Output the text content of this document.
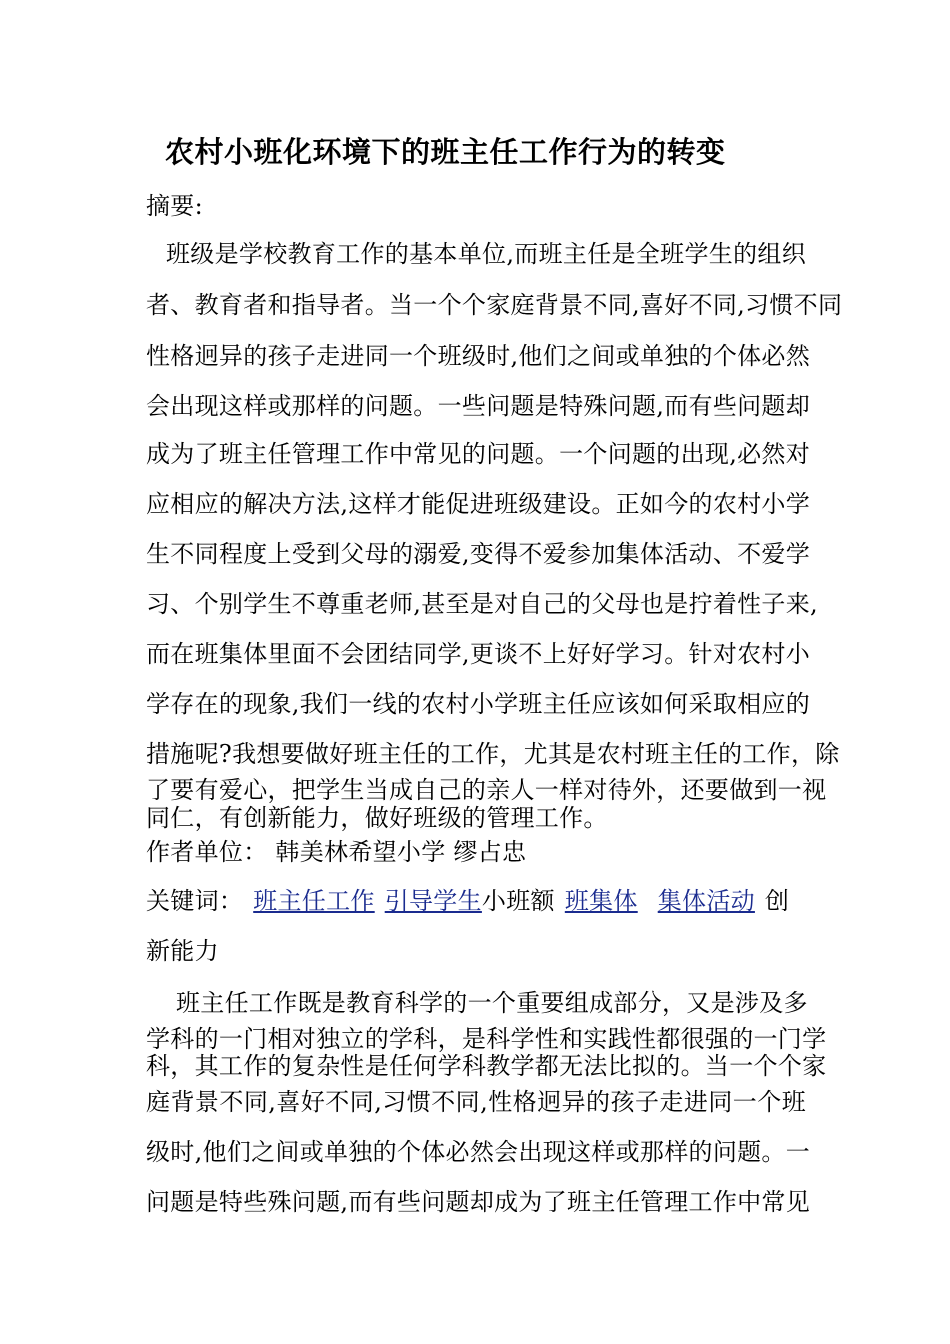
农村小班化环境下的班主任工作行为的转变
摘要:
班级是学校教育工作的基本单位,而班主任是全班学生的组织
者、教育者和指导者。当一个个家庭背景不同,喜好不同,习惯不同
性格迥异的孩子走进同一个班级时,他们之间或单独的个体必然
会出现这样或那样的问题。一些问题是特殊问题,而有些问题却
成为了班主任管理工作中常见的问题。一个问题的出现,必然对
应相应的解决方法,这样才能促进班级建设。正如今的农村小学
生不同程度上受到父母的溺爱,变得不爱参加集体活动、不爱学
习、个别学生不尊重老师,甚至是对自己的父母也是拧着性子来,
而在班集体里面不会团结同学,更谈不上好好学习。针对农村小
学存在的现象,我们一线的农村小学班主任应该如何采取相应的
措施呢?我想要做好班主任的工作，尤其是农村班主任的工作，除
了要有爱心，把学生当成自己的亲人一样对待外，还要做到一视
同仁，有创新能力，做好班级的管理工作。
作者单位： 韩美林希望小学 缪占忠
关键词： 班主任工作 引导学生小班额 班集体 集体活动 创
新能力
班主任工作既是教育科学的一个重要组成部分，又是涉及多
学科的一门相对独立的学科，是科学性和实践性都很强的一门学
科，其工作的复杂性是任何学科教学都无法比拟的。当一个个家
庭背景不同,喜好不同,习惯不同,性格迥异的孩子走进同一个班
级时,他们之间或单独的个体必然会出现这样或那样的问题。一
问题是特些殊问题,而有些问题却成为了班主任管理工作中常见
